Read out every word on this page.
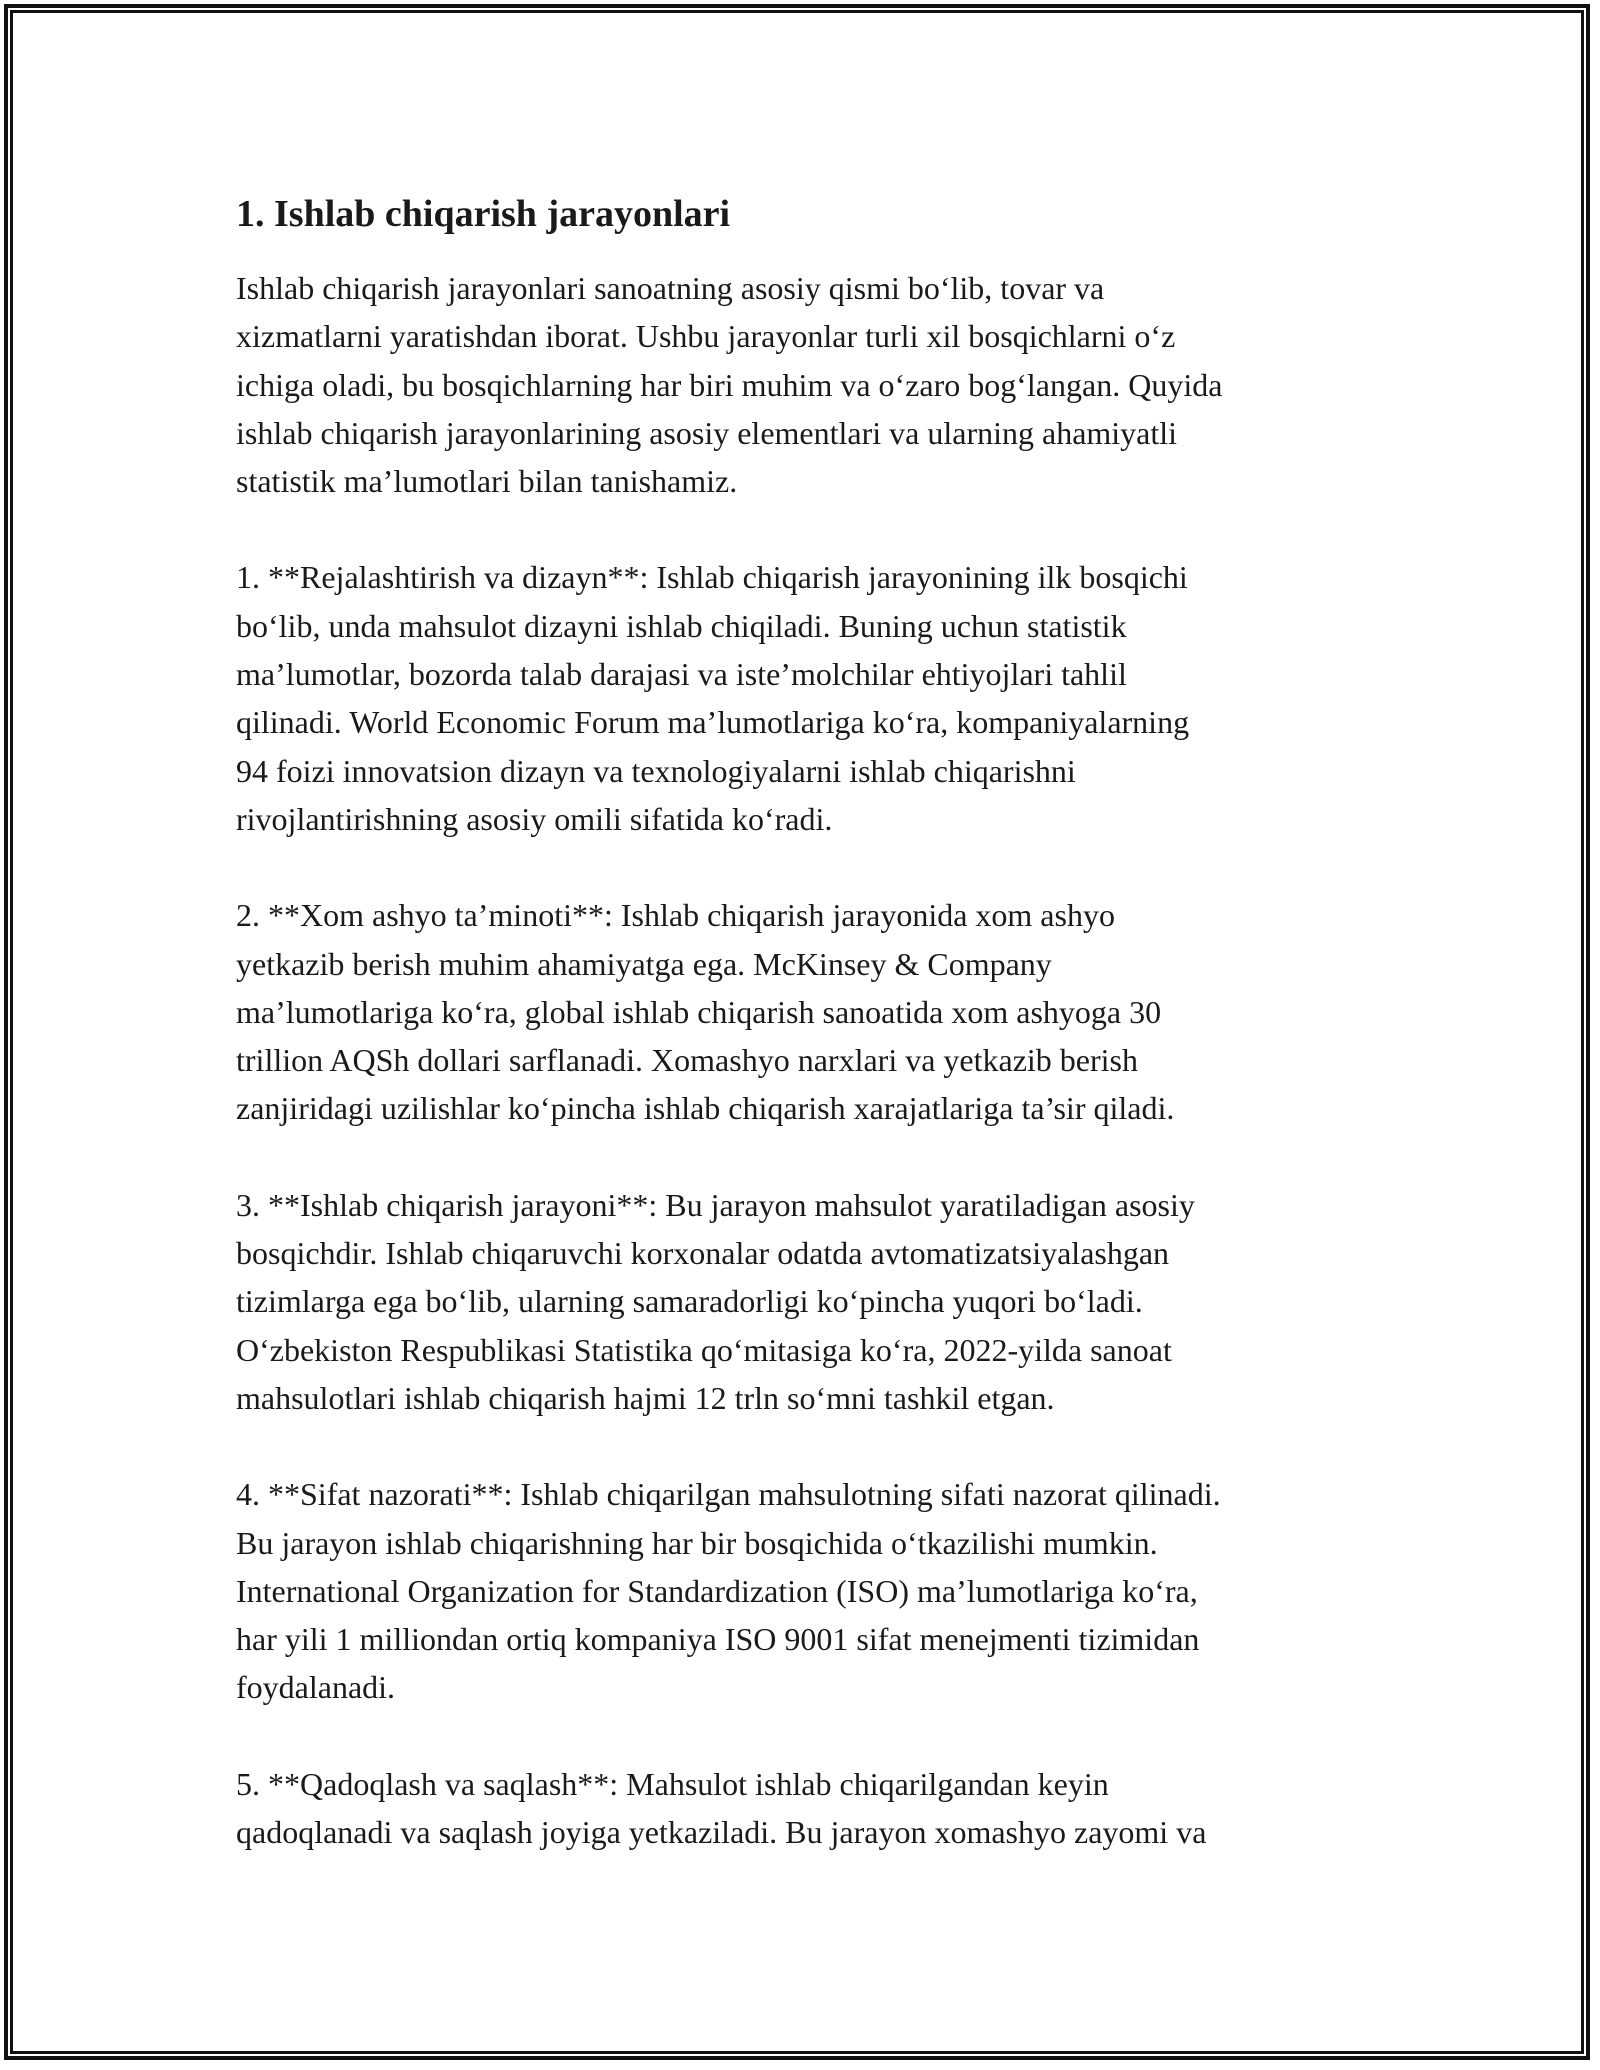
1. Ishlab chiqarish jarayonlari

Ishlab chiqarish jarayonlari sanoatning asosiy qismi bo‘lib, tovar va
xizmatlarni yaratishdan iborat. Ushbu jarayonlar turli xil bosqichlarni o‘z
ichiga oladi, bu bosqichlarning har biri muhim va o‘zaro bog‘langan. Quyida
ishlab chiqarish jarayonlarining asosiy elementlari va ularning ahamiyatli
statistik ma’lumotlari bilan tanishamiz.

1. **Rejalashtirish va dizayn**: Ishlab chiqarish jarayonining ilk bosqichi
bo‘lib, unda mahsulot dizayni ishlab chiqiladi. Buning uchun statistik
ma’lumotlar, bozorda talab darajasi va iste’molchilar ehtiyojlari tahlil
qilinadi. World Economic Forum ma’lumotlariga ko‘ra, kompaniyalarning
94 foizi innovatsion dizayn va texnologiyalarni ishlab chiqarishni
rivojlantirishning asosiy omili sifatida ko‘radi.

2. **Xom ashyo ta’minoti**: Ishlab chiqarish jarayonida xom ashyo
yetkazib berish muhim ahamiyatga ega. McKinsey & Company
ma’lumotlariga ko‘ra, global ishlab chiqarish sanoatida xom ashyoga 30
trillion AQSh dollari sarflanadi. Xomashyo narxlari va yetkazib berish
zanjiridagi uzilishlar ko‘pincha ishlab chiqarish xarajatlariga ta’sir qiladi.

3. **Ishlab chiqarish jarayoni**: Bu jarayon mahsulot yaratiladigan asosiy
bosqichdir. Ishlab chiqaruvchi korxonalar odatda avtomatizatsiyalashgan
tizimlarga ega bo‘lib, ularning samaradorligi ko‘pincha yuqori bo‘ladi.
O‘zbekiston Respublikasi Statistika qo‘mitasiga ko‘ra, 2022-yilda sanoat
mahsulotlari ishlab chiqarish hajmi 12 trln so‘mni tashkil etgan.

4. **Sifat nazorati**: Ishlab chiqarilgan mahsulotning sifati nazorat qilinadi.
Bu jarayon ishlab chiqarishning har bir bosqichida o‘tkazilishi mumkin.
International Organization for Standardization (ISO) ma’lumotlariga ko‘ra,
har yili 1 milliondan ortiq kompaniya ISO 9001 sifat menejmenti tizimidan
foydalanadi.

5. **Qadoqlash va saqlash**: Mahsulot ishlab chiqarilgandan keyin
qadoqlanadi va saqlash joyiga yetkaziladi. Bu jarayon xomashyo zayomi va
